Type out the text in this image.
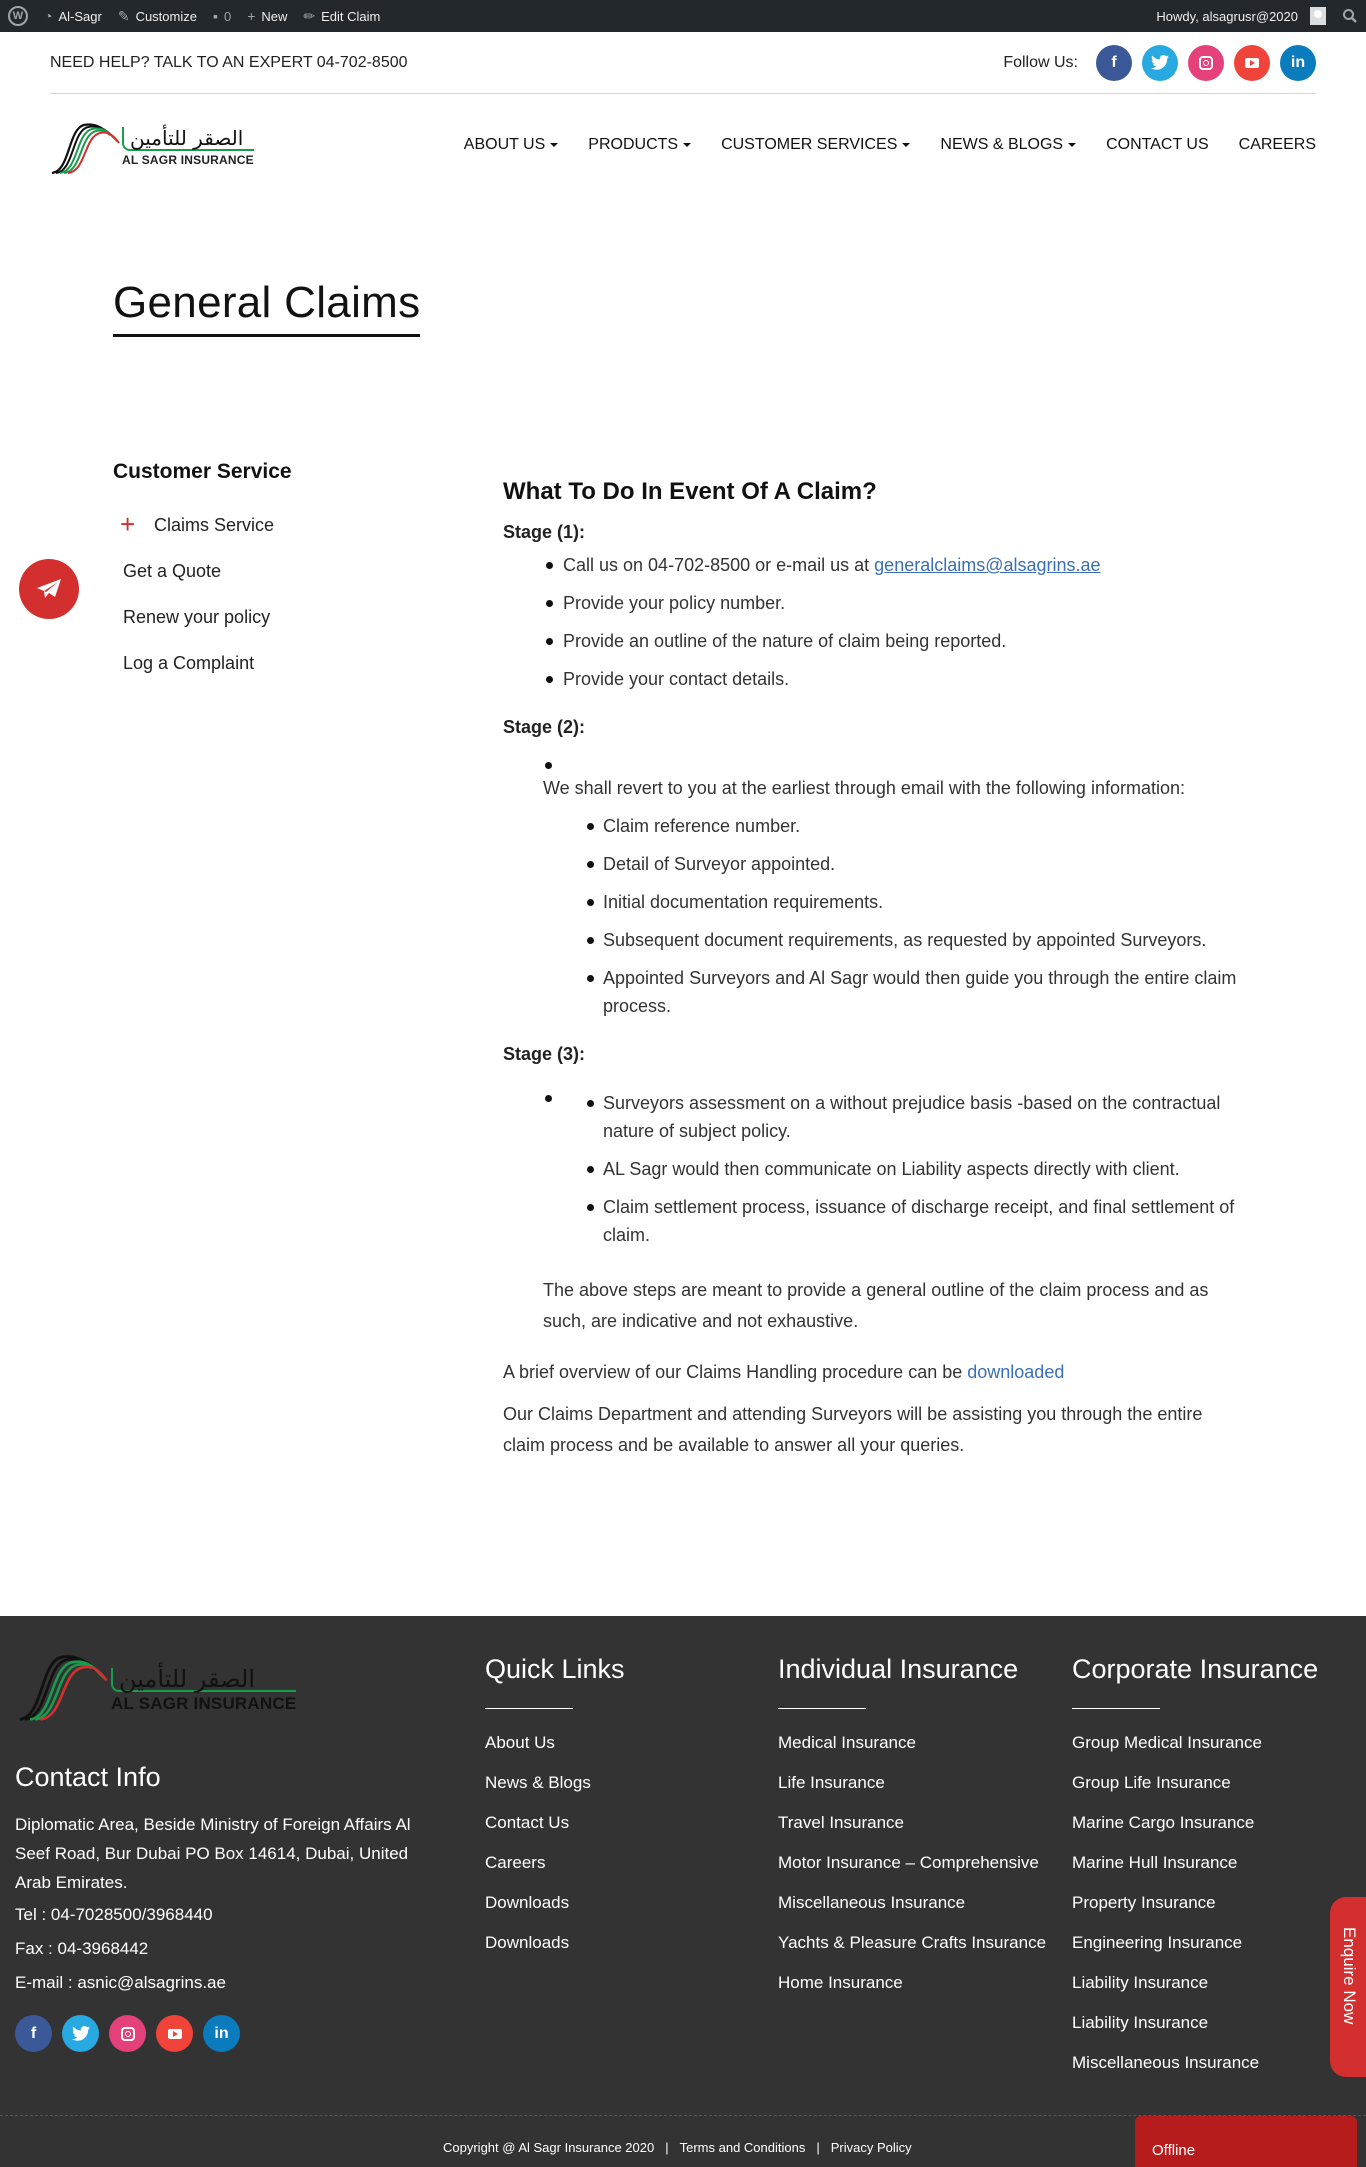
W	◔ Al-Sagr ✎ Customize ▪ 0 + New ✏ Edit Claim	Howdy, alsagrusr@2020
NEED HELP? TALK TO AN EXPERT 04-702-8500	Follow Us:	f	in
الصقر للتأمين
AL SAGR INSURANCE
ABOUT US	PRODUCTS	CUSTOMER SERVICES	NEWS & BLOGS	CONTACT US CAREERS
General Claims
Customer Service
+	Claims Service
Get a Quote
Renew your policy
Log a Complaint
What To Do In Event Of A Claim?
Stage (1):
Call us on 04-702-8500 or e-mail us at generalclaims@alsagrins.ae
Provide your policy number.
Provide an outline of the nature of claim being reported.
Provide your contact details.
Stage (2):
We shall revert to you at the earliest through email with the following information:
Claim reference number.
Detail of Surveyor appointed.
Initial documentation requirements.
Subsequent document requirements, as requested by appointed Surveyors.
Appointed Surveyors and Al Sagr would then guide you through the entire claim process.
Stage (3):
Surveyors assessment on a without prejudice basis -based on the contractual nature of subject policy.
AL Sagr would then communicate on Liability aspects directly with client.
Claim settlement process, issuance of discharge receipt, and final settlement of claim.
The above steps are meant to provide a general outline of the claim process and as such, are indicative and not exhaustive.

A brief overview of our Claims Handling procedure can be downloaded

Our Claims Department and attending Surveyors will be assisting you through the entire claim process and be available to answer all your queries.

الصقر للتأمين
AL SAGR INSURANCE
Contact Info
Diplomatic Area, Beside Ministry of Foreign Affairs Al Seef Road, Bur Dubai PO Box 14614, Dubai, United Arab Emirates.
Tel : 04-7028500/3968440
Fax : 04-3968442
E-mail : asnic@alsagrins.ae
f	in
Quick Links
About Us
News & Blogs
Contact Us
Careers
Downloads
Downloads
Individual Insurance
Medical Insurance
Life Insurance
Travel Insurance
Motor Insurance – Comprehensive
Miscellaneous Insurance
Yachts & Pleasure Crafts Insurance
Home Insurance
Corporate Insurance
Group Medical Insurance
Group Life Insurance
Marine Cargo Insurance
Marine Hull Insurance
Property Insurance
Engineering Insurance
Liability Insurance
Liability Insurance
Miscellaneous Insurance
Copyright @ Al Sagr Insurance 2020 | Terms and Conditions | Privacy Policy
Enquire Now
Offline
